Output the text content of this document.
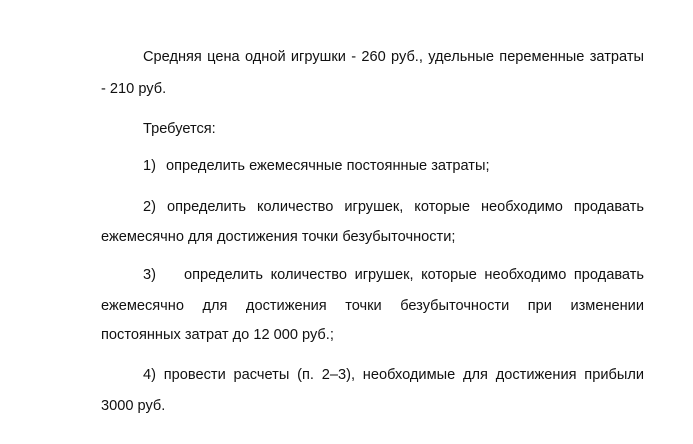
Средняя цена одной игрушки - 260 руб., удельные переменные затраты
- 210 руб.
Требуется:
1) определить ежемесячные постоянные затраты;
2) определить количество игрушек, которые необходимо продавать
ежемесячно для достижения точки безубыточности;
3) определить количество игрушек, которые необходимо продавать
ежемесячно для достижения точки безубыточности при изменении
постоянных затрат до 12 000 руб.;
4) провести расчеты (п. 2–3), необходимые для достижения прибыли
3000 руб.
